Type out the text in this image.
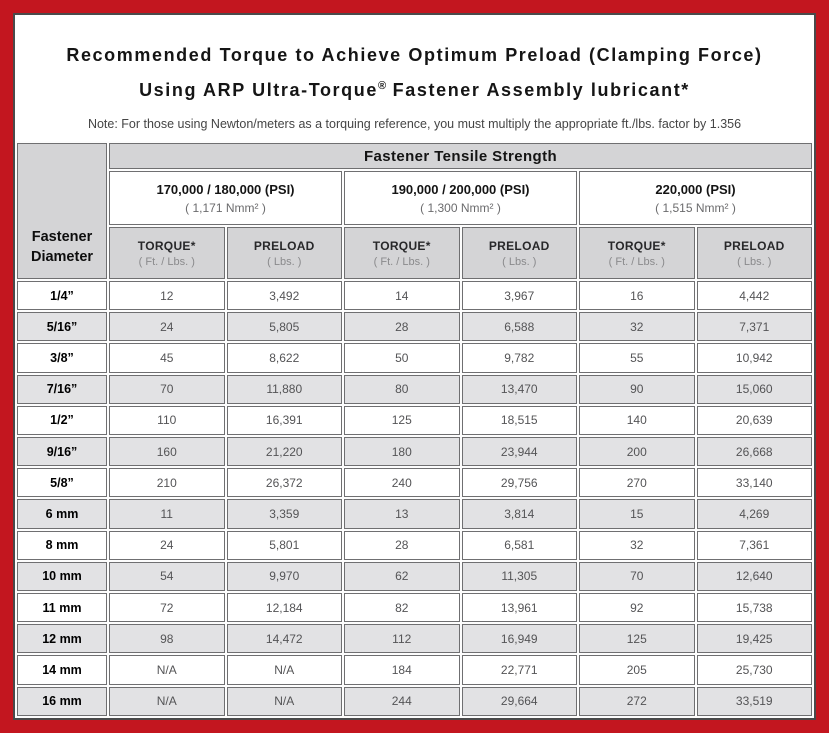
Recommended Torque to Achieve Optimum Preload (Clamping Force)
Using ARP Ultra-Torque® Fastener Assembly lubricant*
Note: For those using Newton/meters as a torquing reference, you must multiply the appropriate ft./lbs. factor by 1.356
Fastener
Diameter	Fastener Tensile Strength					

170,000 / 180,000 (PSI)
( 1,171 Nmm² )

190,000 / 200,000 (PSI)
( 1,300 Nmm² )

220,000 (PSI)
( 1,515 Nmm² )

TORQUE*
( Ft. / Lbs. )

PRELOAD
( Lbs. )

TORQUE*
( Ft. / Lbs. )

PRELOAD
( Lbs. )

TORQUE*
( Ft. / Lbs. )

PRELOAD
( Lbs. )

1/4”	12	3,492	14	3,967	16	4,442
5/16”	24	5,805	28	6,588	32	7,371
3/8”	45	8,622	50	9,782	55	10,942
7/16”	70	11,880	80	13,470	90	15,060
1/2”	110	16,391	125	18,515	140	20,639
9/16”	160	21,220	180	23,944	200	26,668
5/8”	210	26,372	240	29,756	270	33,140
6 mm	11	3,359	13	3,814	15	4,269
8 mm	24	5,801	28	6,581	32	7,361
10 mm	54	9,970	62	11,305	70	12,640
11 mm	72	12,184	82	13,961	92	15,738
12 mm	98	14,472	112	16,949	125	19,425
14 mm	N/A	N/A	184	22,771	205	25,730
16 mm	N/A	N/A	244	29,664	272	33,519
